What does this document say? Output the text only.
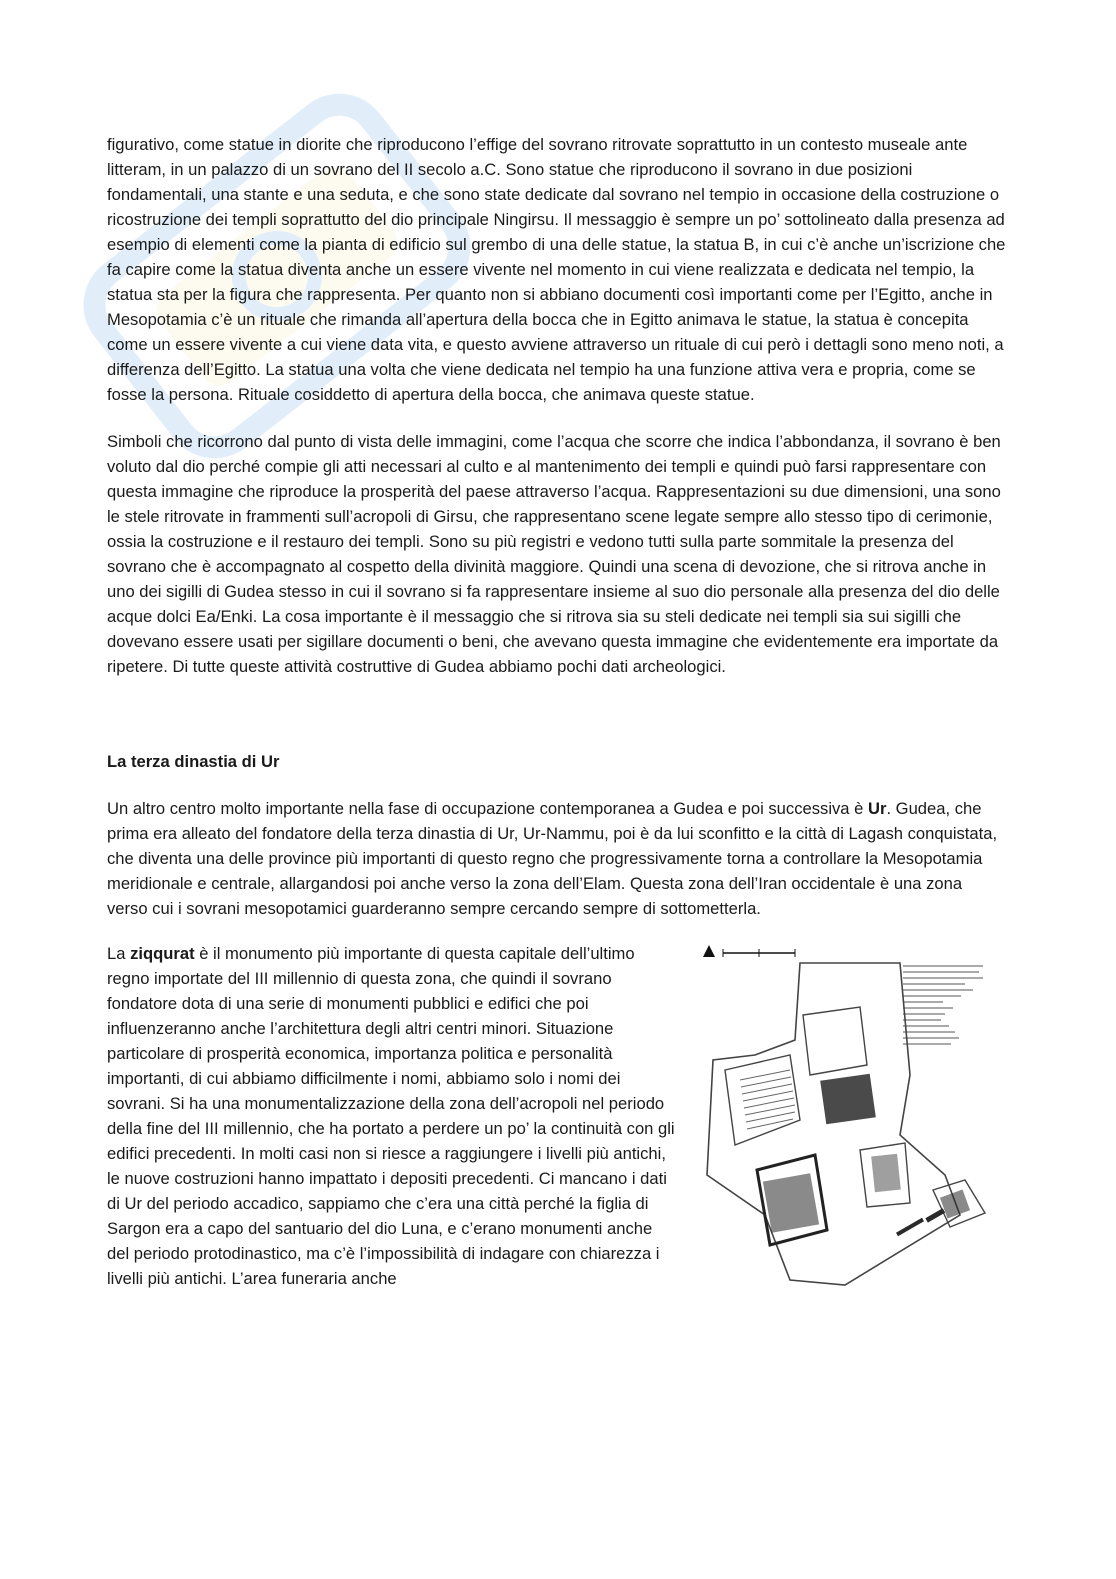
figurativo, come statue in diorite che riproducono l’effige del sovrano ritrovate soprattutto in un contesto museale ante litteram, in un palazzo di un sovrano del II secolo a.C. Sono statue che riproducono il sovrano in due posizioni fondamentali, una stante e una seduta, e che sono state dedicate dal sovrano nel tempio in occasione della costruzione o ricostruzione dei templi soprattutto del dio principale Ningirsu. Il messaggio è sempre un po’ sottolineato dalla presenza ad esempio di elementi come la pianta di edificio sul grembo di una delle statue, la statua B, in cui c’è anche un’iscrizione che fa capire come la statua diventa anche un essere vivente nel momento in cui viene realizzata e dedicata nel tempio, la statua sta per la figura che rappresenta. Per quanto non si abbiano documenti così importanti come per l’Egitto, anche in Mesopotamia c’è un rituale che rimanda all’apertura della bocca che in Egitto animava le statue, la statua è concepita come un essere vivente a cui viene data vita, e questo avviene attraverso un rituale di cui però i dettagli sono meno noti, a differenza dell’Egitto. La statua una volta che viene dedicata nel tempio ha una funzione attiva vera e propria, come se fosse la persona. Rituale cosiddetto di apertura della bocca, che animava queste statue.

Simboli che ricorrono dal punto di vista delle immagini, come l’acqua che scorre che indica l’abbondanza, il sovrano è ben voluto dal dio perché compie gli atti necessari al culto e al mantenimento dei templi e quindi può farsi rappresentare con questa immagine che riproduce la prosperità del paese attraverso l’acqua. Rappresentazioni su due dimensioni, una sono le stele ritrovate in frammenti sull’acropoli di Girsu, che rappresentano scene legate sempre allo stesso tipo di cerimonie, ossia la costruzione e il restauro dei templi. Sono su più registri e vedono tutti sulla parte sommitale la presenza del sovrano che è accompagnato al cospetto della divinità maggiore. Quindi una scena di devozione, che si ritrova anche in uno dei sigilli di Gudea stesso in cui il sovrano si fa rappresentare insieme al suo dio personale alla presenza del dio delle acque dolci Ea/Enki. La cosa importante è il messaggio che si ritrova sia su steli dedicate nei templi sia sui sigilli che dovevano essere usati per sigillare documenti o beni, che avevano questa immagine che evidentemente era importate da ripetere. Di tutte queste attività costruttive di Gudea abbiamo pochi dati archeologici.

La terza dinastia di Ur

Un altro centro molto importante nella fase di occupazione contemporanea a Gudea e poi successiva è Ur. Gudea, che prima era alleato del fondatore della terza dinastia di Ur, Ur-Nammu, poi è da lui sconfitto e la città di Lagash conquistata, che diventa una delle province più importanti di questo regno che progressivamente torna a controllare la Mesopotamia meridionale e centrale, allargandosi poi anche verso la zona dell’Elam. Questa zona dell’Iran occidentale è una zona verso cui i sovrani mesopotamici guarderanno sempre cercando sempre di sottometterla.

La ziqqurat è il monumento più importante di questa capitale dell’ultimo regno importate del III millennio di questa zona, che quindi il sovrano fondatore dota di una serie di monumenti pubblici e edifici che poi influenzeranno anche l’architettura degli altri centri minori. Situazione particolare di prosperità economica, importanza politica e personalità importanti, di cui abbiamo difficilmente i nomi, abbiamo solo i nomi dei sovrani. Si ha una monumentalizzazione della zona dell’acropoli nel periodo della fine del III millennio, che ha portato a perdere un po’ la continuità con gli edifici precedenti. In molti casi non si riesce a raggiungere i livelli più antichi, le nuove costruzioni hanno impattato i depositi precedenti. Ci mancano i dati di Ur del periodo accadico, sappiamo che c’era una città perché la figlia di Sargon era a capo del santuario del dio Luna, e c’erano monumenti anche del periodo protodinastico, ma c’è l’impossibilità di indagare con chiarezza i livelli più antichi. L’area funeraria anche
